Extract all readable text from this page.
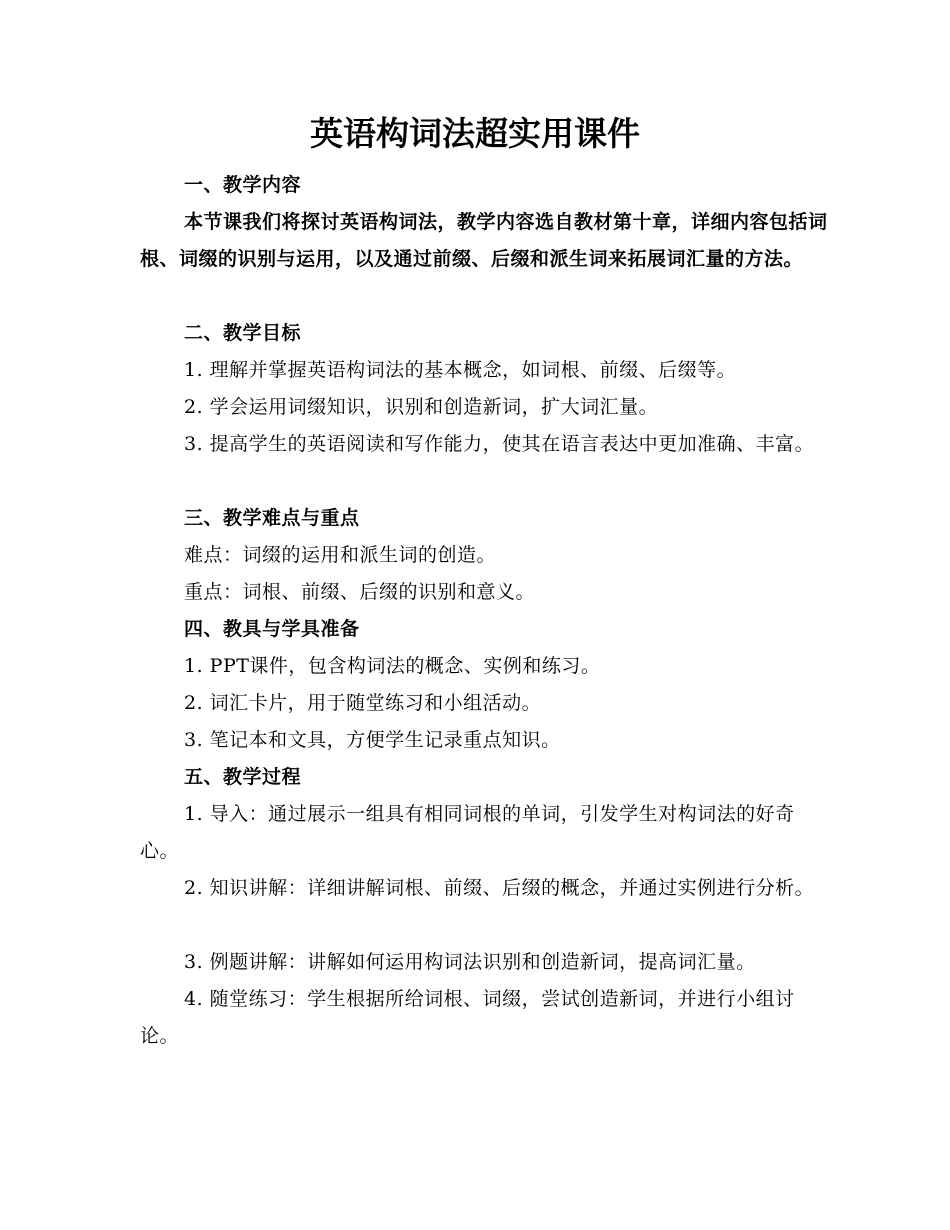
英语构词法超实用课件

一、教学内容

本节课我们将探讨英语构词法，教学内容选自教材第十章，详细内容包括词根、词缀的识别与运用，以及通过前缀、后缀和派生词来拓展词汇量的方法。

二、教学目标

1. 理解并掌握英语构词法的基本概念，如词根、前缀、后缀等。

2. 学会运用词缀知识，识别和创造新词，扩大词汇量。

3. 提高学生的英语阅读和写作能力，使其在语言表达中更加准确、丰富。

三、教学难点与重点

难点：词缀的运用和派生词的创造。

重点：词根、前缀、后缀的识别和意义。

四、教具与学具准备

1. PPT课件，包含构词法的概念、实例和练习。

2. 词汇卡片，用于随堂练习和小组活动。

3. 笔记本和文具，方便学生记录重点知识。

五、教学过程

1. 导入：通过展示一组具有相同词根的单词，引发学生对构词法的好奇心。

2. 知识讲解：详细讲解词根、前缀、后缀的概念，并通过实例进行分析。

3. 例题讲解：讲解如何运用构词法识别和创造新词，提高词汇量。

4. 随堂练习：学生根据所给词根、词缀，尝试创造新词，并进行小组讨论。
